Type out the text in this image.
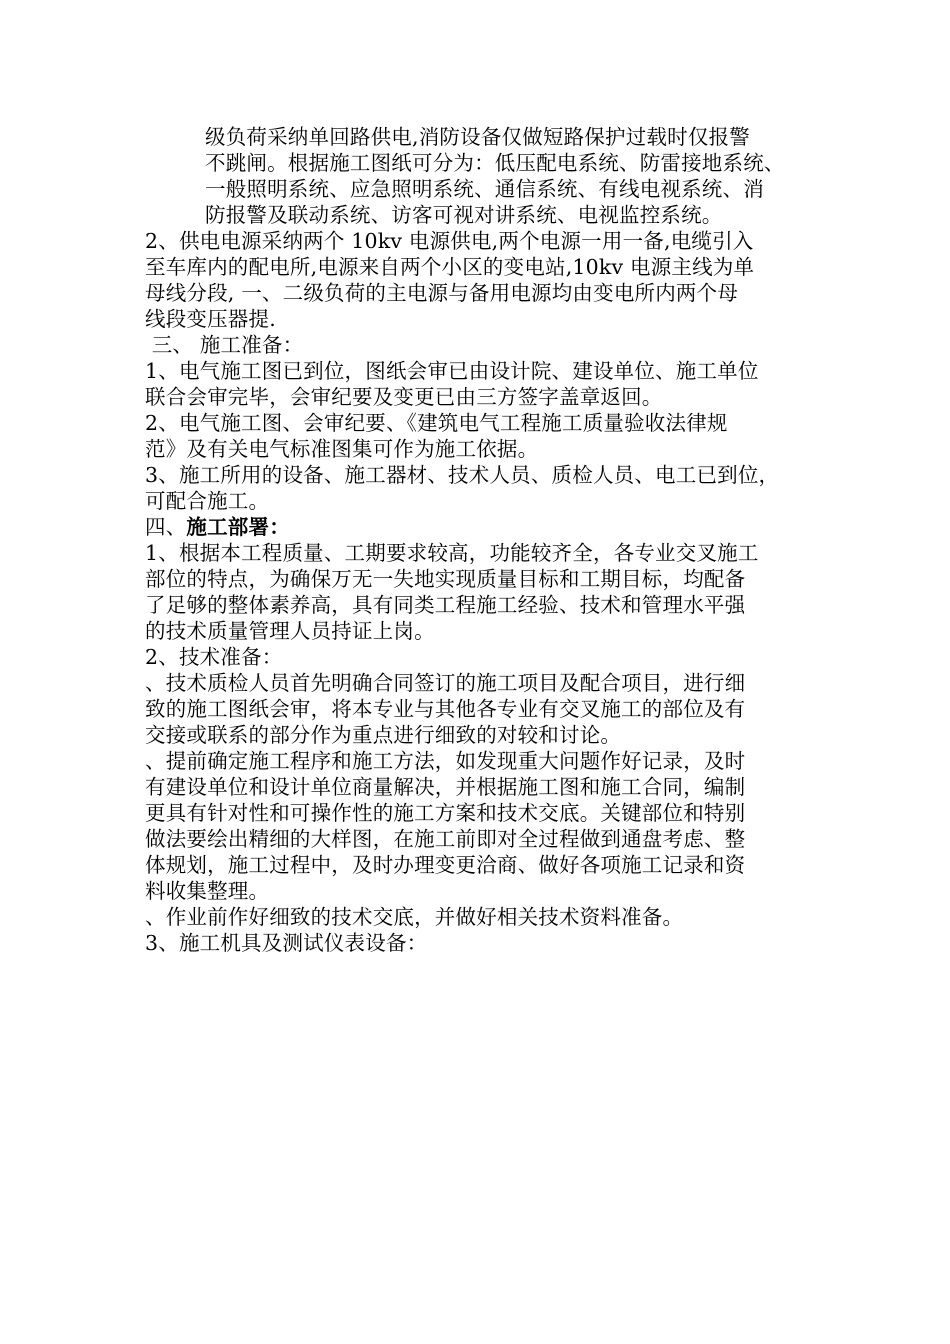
级负荷采纳单回路供电,消防设备仅做短路保护过载时仅报警
不跳闸。根据施工图纸可分为：低压配电系统、防雷接地系统、
一般照明系统、应急照明系统、通信系统、有线电视系统、消
防报警及联动系统、访客可视对讲系统、电视监控系统。
2、供电电源采纳两个 10kv 电源供电,两个电源一用一备,电缆引入
至车库内的配电所,电源来自两个小区的变电站,10kv 电源主线为单
母线分段, 一、二级负荷的主电源与备用电源均由变电所内两个母
线段变压器提.
三、 施工准备：
1、电气施工图已到位，图纸会审已由设计院、建设单位、施工单位
联合会审完毕，会审纪要及变更已由三方签字盖章返回。
2、电气施工图、会审纪要、《建筑电气工程施工质量验收法律规
范》及有关电气标准图集可作为施工依据。
3、施工所用的设备、施工器材、技术人员、质检人员、电工已到位，
可配合施工。
四、施工部署：
1、根据本工程质量、工期要求较高，功能较齐全，各专业交叉施工
部位的特点，为确保万无一失地实现质量目标和工期目标，均配备
了足够的整体素养高，具有同类工程施工经验、技术和管理水平强
的技术质量管理人员持证上岗。
2、技术准备：
、技术质检人员首先明确合同签订的施工项目及配合项目，进行细
致的施工图纸会审，将本专业与其他各专业有交叉施工的部位及有
交接或联系的部分作为重点进行细致的对较和讨论。
、提前确定施工程序和施工方法，如发现重大问题作好记录，及时
有建设单位和设计单位商量解决，并根据施工图和施工合同，编制
更具有针对性和可操作性的施工方案和技术交底。关键部位和特别
做法要绘出精细的大样图，在施工前即对全过程做到通盘考虑、整
体规划，施工过程中，及时办理变更洽商、做好各项施工记录和资
料收集整理。
、作业前作好细致的技术交底，并做好相关技术资料准备。
3、施工机具及测试仪表设备：
